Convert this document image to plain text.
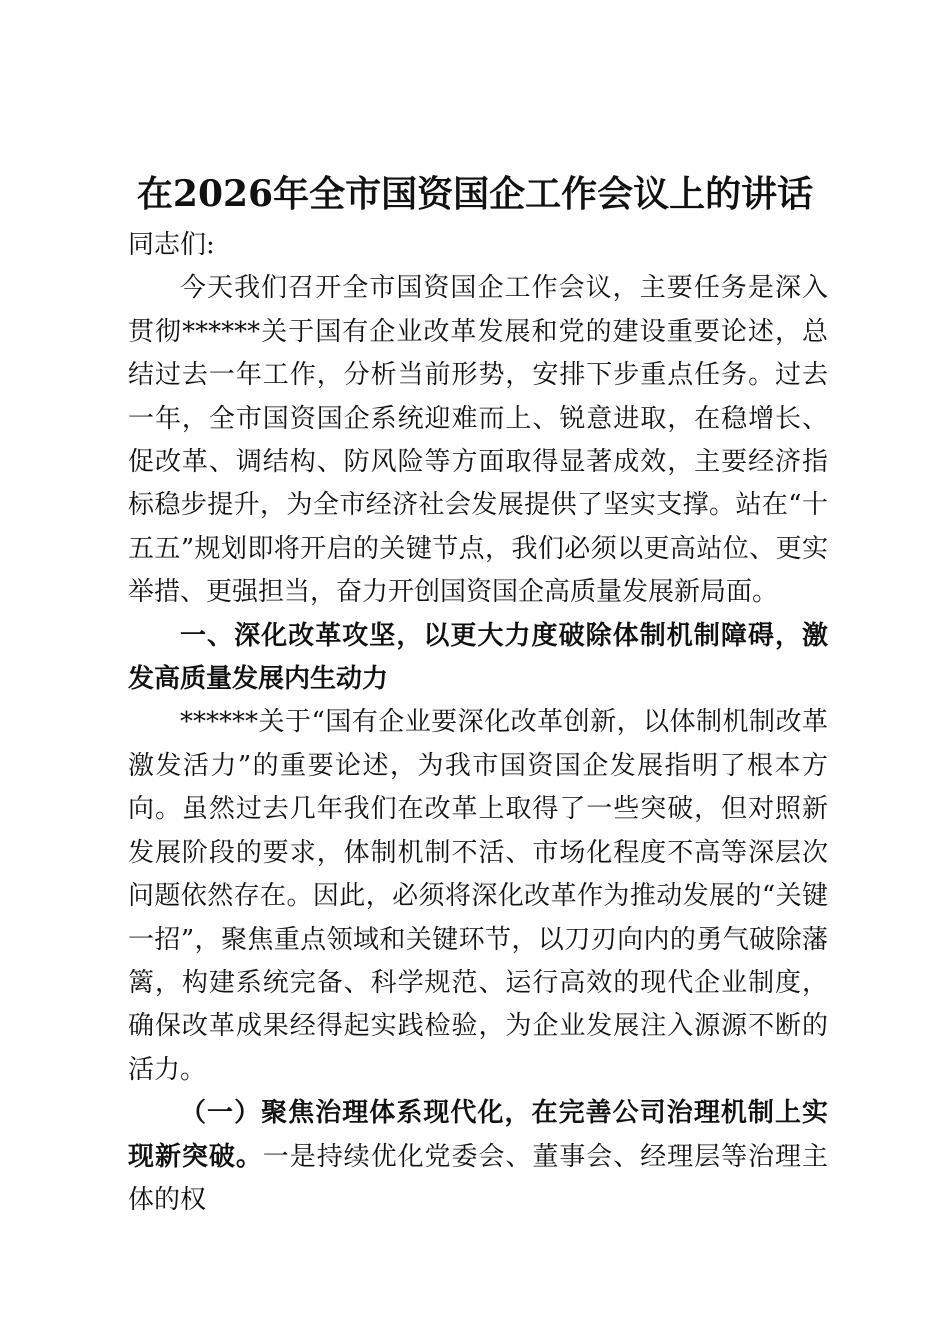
在2026年全市国资国企工作会议上的讲话

同志们:

今天我们召开全市国资国企工作会议，主要任务是深入贯彻******关于国有企业改革发展和党的建设重要论述，总结过去一年工作，分析当前形势，安排下步重点任务。过去一年，全市国资国企系统迎难而上、锐意进取，在稳增长、促改革、调结构、防风险等方面取得显著成效，主要经济指标稳步提升，为全市经济社会发展提供了坚实支撑。站在“十五五”规划即将开启的关键节点，我们必须以更高站位、更实举措、更强担当，奋力开创国资国企高质量发展新局面。

一、深化改革攻坚，以更大力度破除体制机制障碍，激发高质量发展内生动力

******关于“国有企业要深化改革创新，以体制机制改革激发活力”的重要论述，为我市国资国企发展指明了根本方向。虽然过去几年我们在改革上取得了一些突破，但对照新发展阶段的要求，体制机制不活、市场化程度不高等深层次问题依然存在。因此，必须将深化改革作为推动发展的“关键一招”，聚焦重点领域和关键环节，以刀刃向内的勇气破除藩篱，构建系统完备、科学规范、运行高效的现代企业制度，确保改革成果经得起实践检验，为企业发展注入源源不断的活力。

（一）聚焦治理体系现代化，在完善公司治理机制上实现新突破。一是持续优化党委会、董事会、经理层等治理主体的权
